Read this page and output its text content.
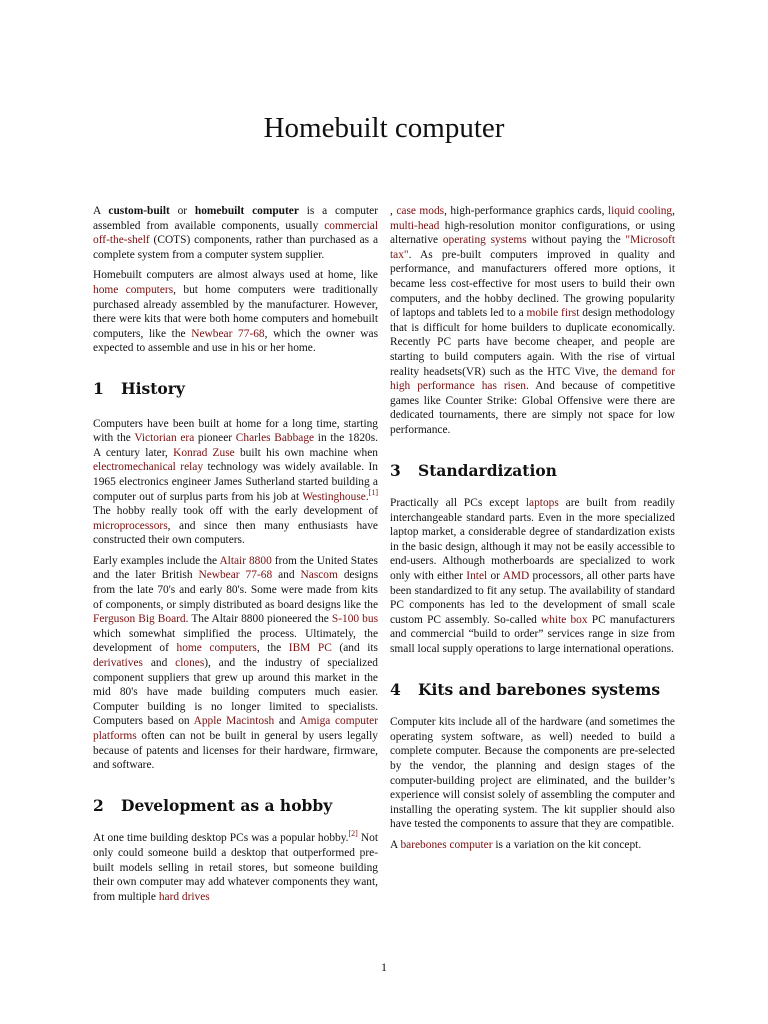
Homebuilt computer

A custom-built or homebuilt computer is a computer assembled from available components, usually commercial off-the-shelf (COTS) components, rather than purchased as a complete system from a computer system supplier.

Homebuilt computers are almost always used at home, like home computers, but home computers were traditionally purchased already assembled by the manufacturer. However, there were kits that were both home computers and homebuilt computers, like the Newbear 77-68, which the owner was expected to assemble and use in his or her home.

1	History

Computers have been built at home for a long time, starting with the Victorian era pioneer Charles Babbage in the 1820s. A century later, Konrad Zuse built his own machine when electromechanical relay technology was widely available. In 1965 electronics engineer James Sutherland started building a computer out of surplus parts from his job at Westinghouse.[1] The hobby really took off with the early development of microprocessors, and since then many enthusiasts have constructed their own computers.

Early examples include the Altair 8800 from the United States and the later British Newbear 77-68 and Nascom designs from the late 70's and early 80's. Some were made from kits of components, or simply distributed as board designs like the Ferguson Big Board. The Altair 8800 pioneered the S-100 bus which somewhat simplified the process. Ultimately, the development of home computers, the IBM PC (and its derivatives and clones), and the industry of specialized component suppliers that grew up around this market in the mid 80's have made building computers much easier. Computer building is no longer limited to specialists. Computers based on Apple Macintosh and Amiga computer platforms often can not be built in general by users legally because of patents and licenses for their hardware, firmware, and software.

2	Development as a hobby

At one time building desktop PCs was a popular hobby.[2] Not only could someone build a desktop that outperformed pre-built models selling in retail stores, but someone building their own computer may add whatever components they want, from multiple hard drives

, case mods, high-performance graphics cards, liquid cooling, multi-head high-resolution monitor configurations, or using alternative operating systems without paying the "Microsoft tax". As pre-built computers improved in quality and performance, and manufacturers offered more options, it became less cost-effective for most users to build their own computers, and the hobby declined. The growing popularity of laptops and tablets led to a mobile first design methodology that is difficult for home builders to duplicate economically. Recently PC parts have become cheaper, and people are starting to build computers again. With the rise of virtual reality headsets(VR) such as the HTC Vive, the demand for high performance has risen. And because of competitive games like Counter Strike: Global Offensive were there are dedicated tournaments, there are simply not space for low performance.

3	Standardization

Practically all PCs except laptops are built from readily interchangeable standard parts. Even in the more specialized laptop market, a considerable degree of standardization exists in the basic design, although it may not be easily accessible to end-users. Although motherboards are specialized to work only with either Intel or AMD processors, all other parts have been standardized to fit any setup. The availability of standard PC components has led to the development of small scale custom PC assembly. So-called white box PC manufacturers and commercial “build to order” services range in size from small local supply operations to large international operations.

4	Kits and barebones systems

Computer kits include all of the hardware (and sometimes the operating system software, as well) needed to build a complete computer. Because the components are pre-selected by the vendor, the planning and design stages of the computer-building project are eliminated, and the builder’s experience will consist solely of assembling the computer and installing the operating system. The kit supplier should also have tested the components to assure that they are compatible.

A barebones computer is a variation on the kit concept.

1
